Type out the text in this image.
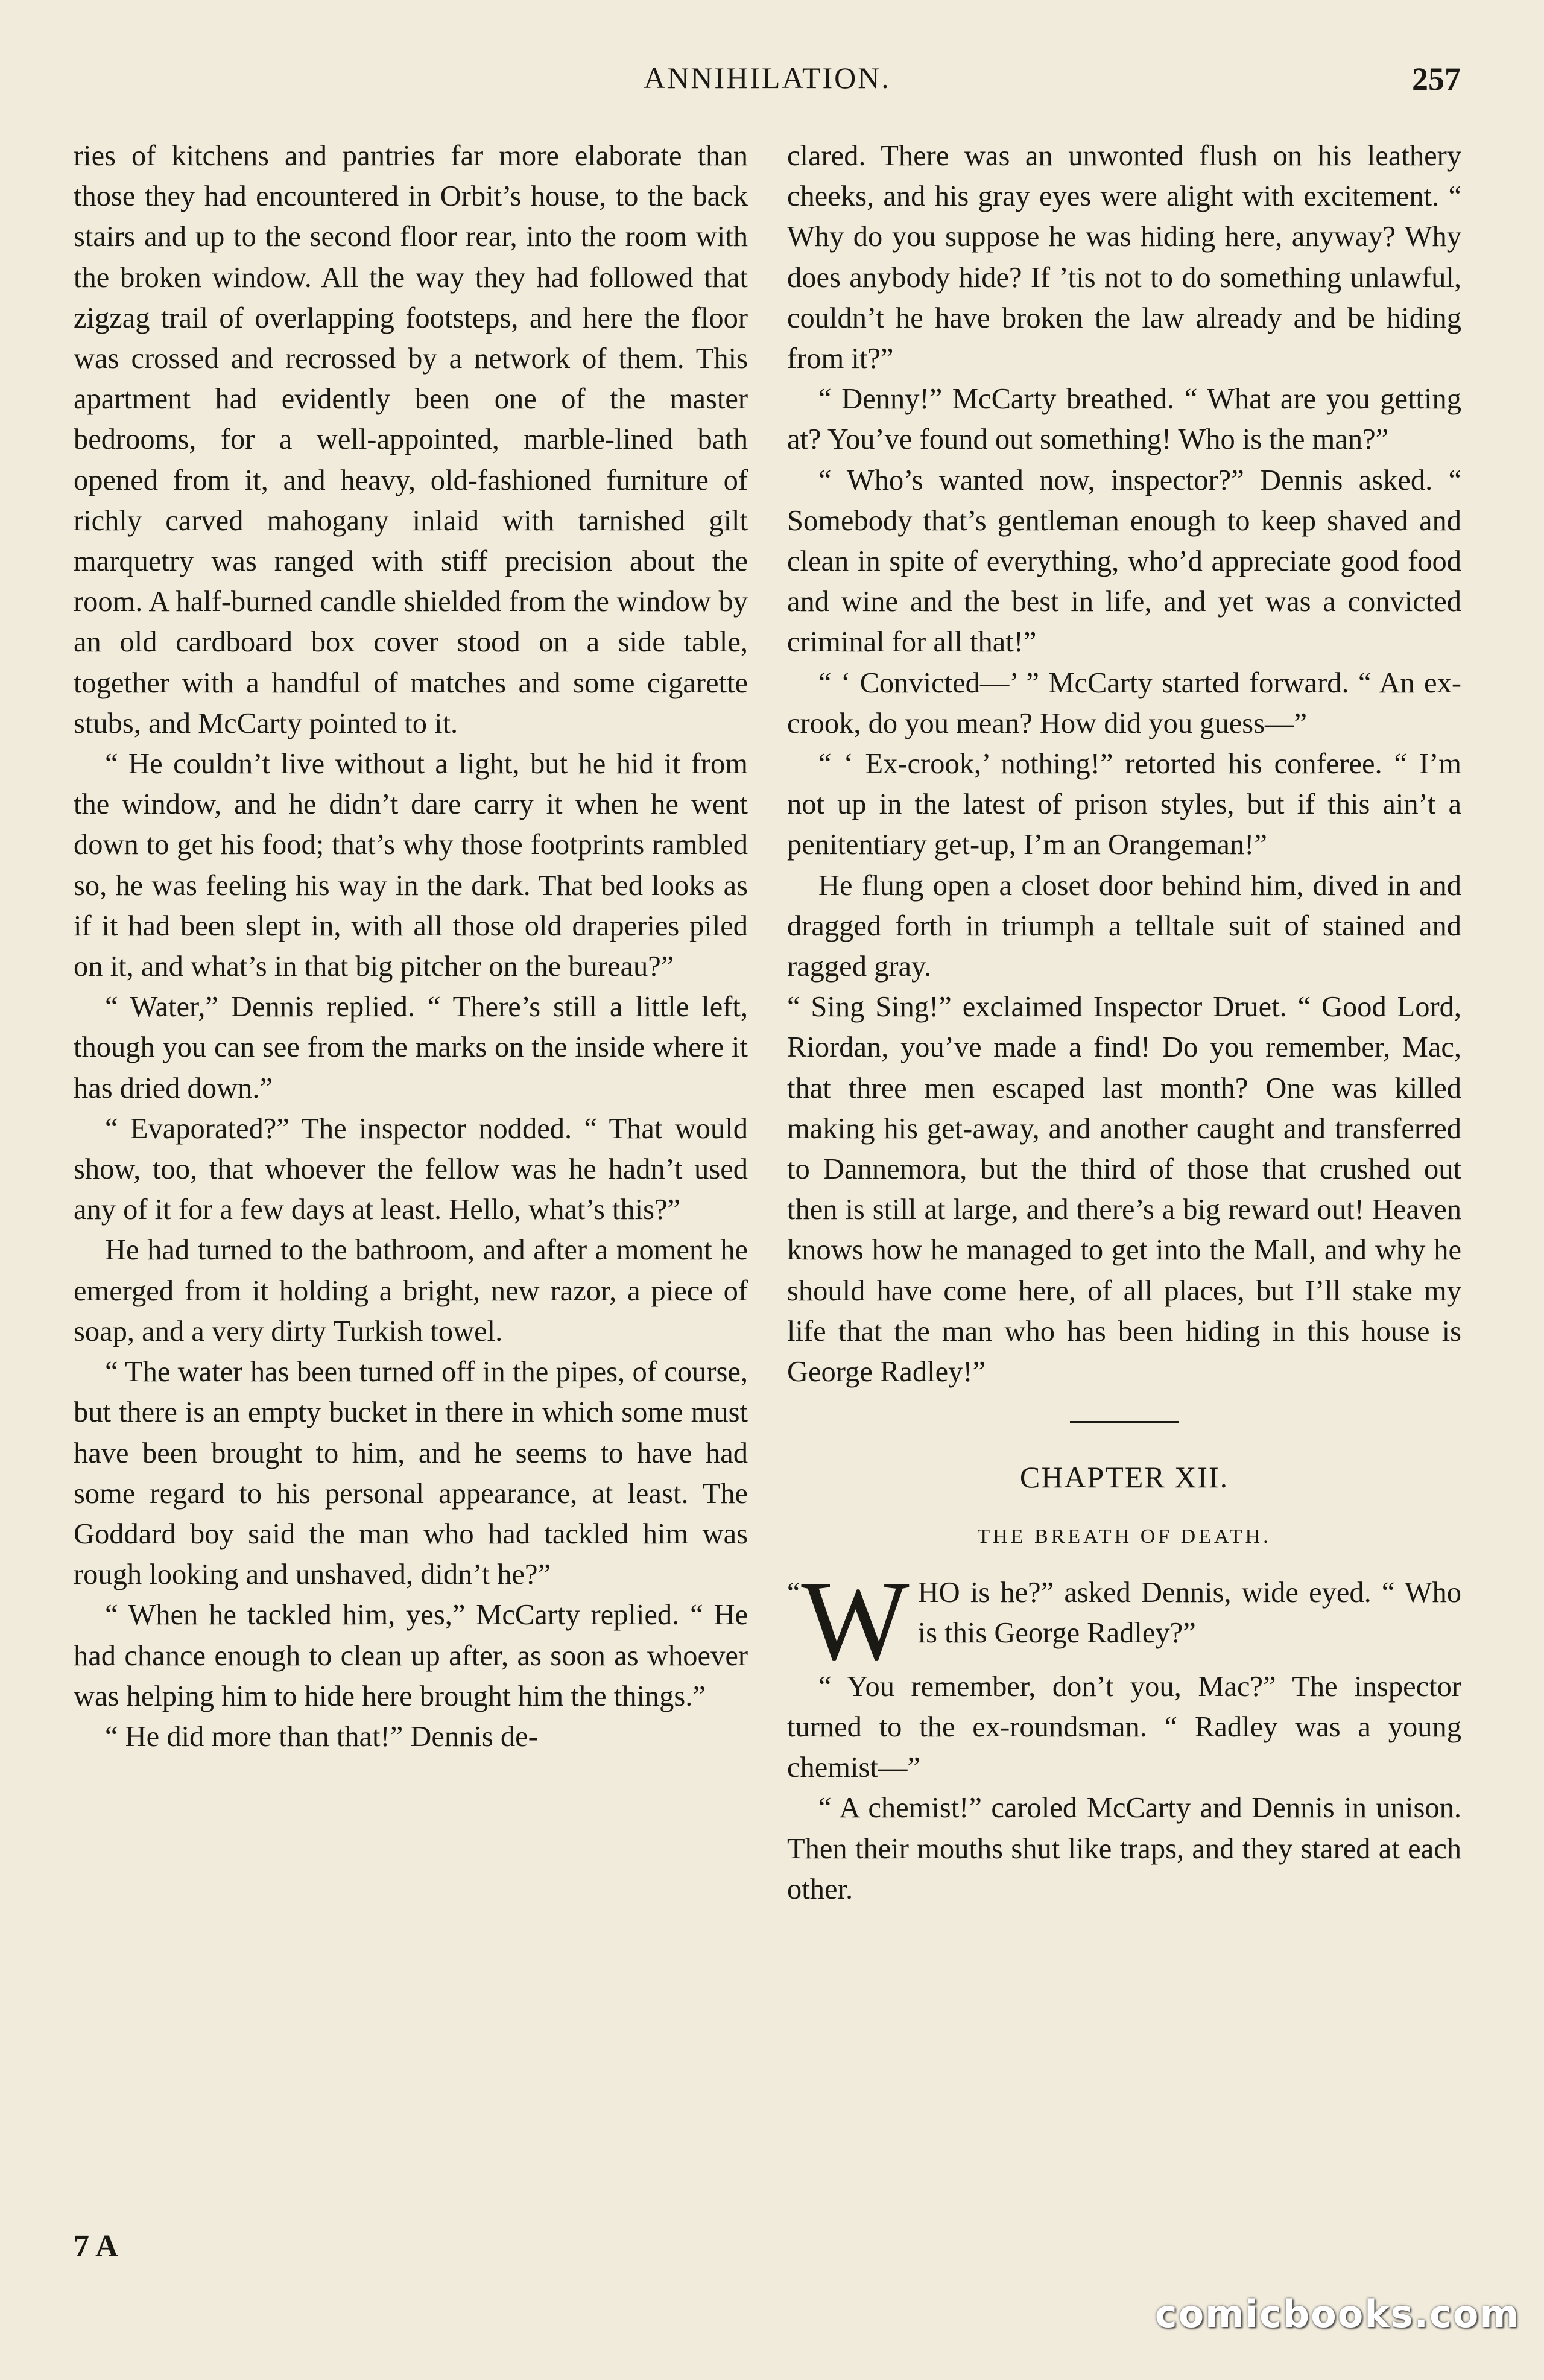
ANNIHILATION.	257

ries of kitchens and pantries far more elaborate than those they had encountered in Orbit’s house, to the back stairs and up to the second floor rear, into the room with the broken window. All the way they had followed that zigzag trail of overlapping footsteps, and here the floor was crossed and recrossed by a network of them. This apartment had evidently been one of the master bedrooms, for a well-appointed, marble-lined bath opened from it, and heavy, old-fashioned furniture of richly carved mahogany inlaid with tarnished gilt marquetry was ranged with stiff precision about the room. A half-burned candle shielded from the window by an old cardboard box cover stood on a side table, together with a handful of matches and some cigarette stubs, and McCarty pointed to it.

“ He couldn’t live without a light, but he hid it from the window, and he didn’t dare carry it when he went down to get his food; that’s why those footprints rambled so, he was feeling his way in the dark. That bed looks as if it had been slept in, with all those old draperies piled on it, and what’s in that big pitcher on the bureau?”

“ Water,” Dennis replied. “ There’s still a little left, though you can see from the marks on the inside where it has dried down.”

“ Evaporated?” The inspector nodded. “ That would show, too, that whoever the fellow was he hadn’t used any of it for a few days at least. Hello, what’s this?”

He had turned to the bathroom, and after a moment he emerged from it holding a bright, new razor, a piece of soap, and a very dirty Turkish towel.

“ The water has been turned off in the pipes, of course, but there is an empty bucket in there in which some must have been brought to him, and he seems to have had some regard to his personal appearance, at least. The Goddard boy said the man who had tackled him was rough looking and unshaved, didn’t he?”

“ When he tackled him, yes,” McCarty replied. “ He had chance enough to clean up after, as soon as whoever was helping him to hide here brought him the things.”

“ He did more than that!” Dennis de-

clared. There was an unwonted flush on his leathery cheeks, and his gray eyes were alight with excitement. “ Why do you suppose he was hiding here, anyway? Why does anybody hide? If ’tis not to do something unlawful, couldn’t he have broken the law already and be hiding from it?”

“ Denny!” McCarty breathed. “ What are you getting at? You’ve found out something! Who is the man?”

“ Who’s wanted now, inspector?” Dennis asked. “ Somebody that’s gentleman enough to keep shaved and clean in spite of everything, who’d appreciate good food and wine and the best in life, and yet was a convicted criminal for all that!”

“ ‘ Convicted—’ ” McCarty started forward. “ An ex-crook, do you mean? How did you guess—”

“ ‘ Ex-crook,’ nothing!” retorted his conferee. “ I’m not up in the latest of prison styles, but if this ain’t a penitentiary get-up, I’m an Orangeman!”

He flung open a closet door behind him, dived in and dragged forth in triumph a telltale suit of stained and ragged gray.

“ Sing Sing!” exclaimed Inspector Druet. “ Good Lord, Riordan, you’ve made a find! Do you remember, Mac, that three men escaped last month? One was killed making his get-away, and another caught and transferred to Dannemora, but the third of those that crushed out then is still at large, and there’s a big reward out! Heaven knows how he managed to get into the Mall, and why he should have come here, of all places, but I’ll stake my life that the man who has been hiding in this house is George Radley!”

CHAPTER XII.
THE BREATH OF DEATH.
“ W HO is he?” asked Dennis, wide eyed. “ Who is this George Radley?”

“ You remember, don’t you, Mac?” The inspector turned to the ex-roundsman. “ Radley was a young chemist—”

“ A chemist!” caroled McCarty and Dennis in unison. Then their mouths shut like traps, and they stared at each other.

7 A
comicbooks.com
